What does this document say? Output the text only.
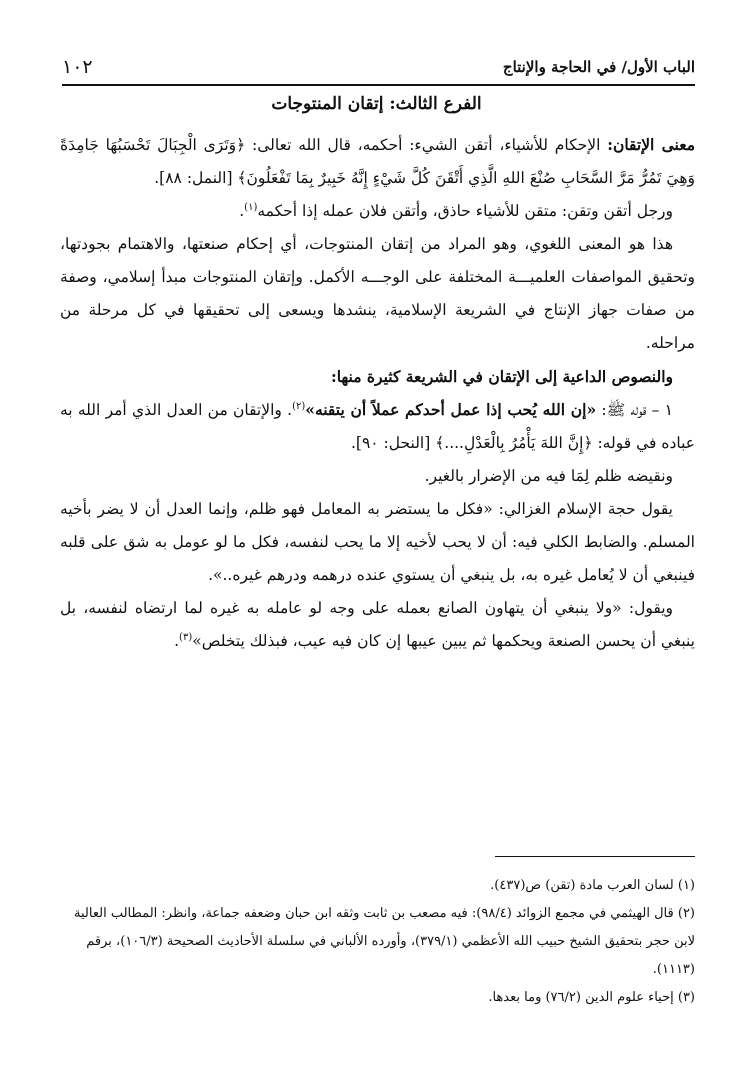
الباب الأول/ في الحاجة والإنتاج
١٠٢
الفرع الثالث: إتقان المنتوجات

معنى الإتقان: الإحكام للأشياء، أتقن الشيء: أحكمه، قال الله تعالى: ﴿وَتَرَى الْجِبَالَ تَحْسَبُهَا جَامِدَةً وَهِيَ تَمُرُّ مَرَّ السَّحَابِ صُنْعَ اللهِ الَّذِي أَتْقَنَ كُلَّ شَيْءٍ إِنَّهُ خَبِيرٌ بِمَا تَفْعَلُونَ﴾ [النمل: ٨٨].

ورجل أتقن وتقن: متقن للأشياء حاذق، وأتقن فلان عمله إذا أحكمه$^{(١)}$.

هذا هو المعنى اللغوي، وهو المراد من إتقان المنتوجات، أي إحكام صنعتها، والاهتمام بجودتها، وتحقيق المواصفات العلميـــة المختلفة على الوجـــه الأكمل. وإتقان المنتوجات مبدأ إسلامي، وصفة من صفات جهاز الإنتاج في الشريعة الإسلامية، ينشدها ويسعى إلى تحقيقها في كل مرحلة من مراحله.

والنصوص الداعية إلى الإتقان في الشريعة كثيرة منها:

١ – قوله ﷺ: «إن الله يُحب إذا عمل أحدكم عملاً أن يتقنه»$^{(٢)}$. والإتقان من العدل الذي أمر الله به عباده في قوله: ﴿إِنَّ اللهَ يَأْمُرُ بِالْعَدْلِ....﴾ [النحل: ٩٠].

ونقيضه ظلم لِمَا فيه من الإضرار بالغير.

يقول حجة الإسلام الغزالي: «فكل ما يستضر به المعامل فهو ظلم، وإنما العدل أن لا يضر بأخيه المسلم. والضابط الكلي فيه: أن لا يحب لأخيه إلا ما يحب لنفسه، فكل ما لو عومل به شق على قلبه فينبغي أن لا يُعامل غيره به، بل ينبغي أن يستوي عنده درهمه ودرهم غيره..».

ويقول: «ولا ينبغي أن يتهاون الصانع بعمله على وجه لو عامله به غيره لما ارتضاه لنفسه، بل ينبغي أن يحسن الصنعة ويحكمها ثم يبين عيبها إن كان فيه عيب، فبذلك يتخلص»$^{(٣)}$.

(١) لسان العرب مادة (تقن) ص(٤٣٧).

(٢) قال الهيثمي في مجمع الزوائد (٩٨/٤): فيه مصعب بن ثابت وثقه ابن حبان وضعفه جماعة، وانظر: المطالب العالية لابن حجر بتحقيق الشيخ حبيب الله الأعظمي (٣٧٩/١)، وأورده الألباني في سلسلة الأحاديث الصحيحة (١٠٦/٣)، برقم (١١١٣).

(٣) إحياء علوم الدين (٧٦/٢) وما بعدها.
